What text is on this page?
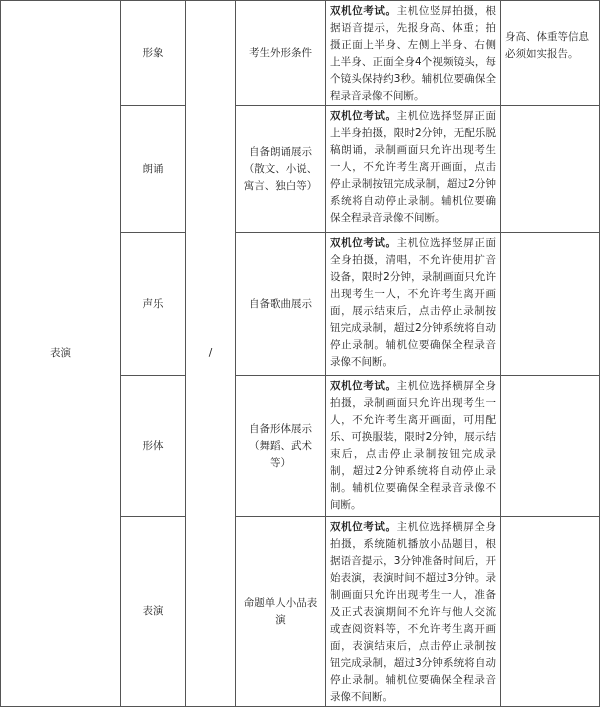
表演	形象	/	考生外形条件	双机位考试。主机位竖屏拍摄，根据语音提示，先报身高、体重；拍摄正面上半身、左侧上半身、右侧上半身、正面全身4个视频镜头，每个镜头保持约3秒。辅机位要确保全程录音录像不间断。	身高、体重等信息必须如实报告。
	朗诵		自备朗诵展示（散文、小说、寓言、独白等）	双机位考试。主机位选择竖屏正面上半身拍摄，限时2分钟，无配乐脱稿朗诵，录制画面只允许出现考生一人，不允许考生离开画面，点击停止录制按钮完成录制，超过2分钟系统将自动停止录制。辅机位要确保全程录音录像不间断。	
	声乐		自备歌曲展示	双机位考试。主机位选择竖屏正面全身拍摄，清唱，不允许使用扩音设备，限时2分钟，录制画面只允许出现考生一人，不允许考生离开画面，展示结束后，点击停止录制按钮完成录制，超过2分钟系统将自动停止录制。辅机位要确保全程录音录像不间断。	
	形体		自备形体展示（舞蹈、武术等）	双机位考试。主机位选择横屏全身拍摄，录制画面只允许出现考生一人，不允许考生离开画面，可用配乐、可换服装，限时2分钟，展示结束后，点击停止录制按钮完成录制，超过2分钟系统将自动停止录制。辅机位要确保全程录音录像不间断。	
	表演		命题单人小品表演	双机位考试。主机位选择横屏全身拍摄，系统随机播放小品题目，根据语音提示，3分钟准备时间后，开始表演，表演时间不超过3分钟。录制画面只允许出现考生一人，准备及正式表演期间不允许与他人交流或查阅资料等，不允许考生离开画面，表演结束后，点击停止录制按钮完成录制，超过3分钟系统将自动停止录制。辅机位要确保全程录音录像不间断。	
